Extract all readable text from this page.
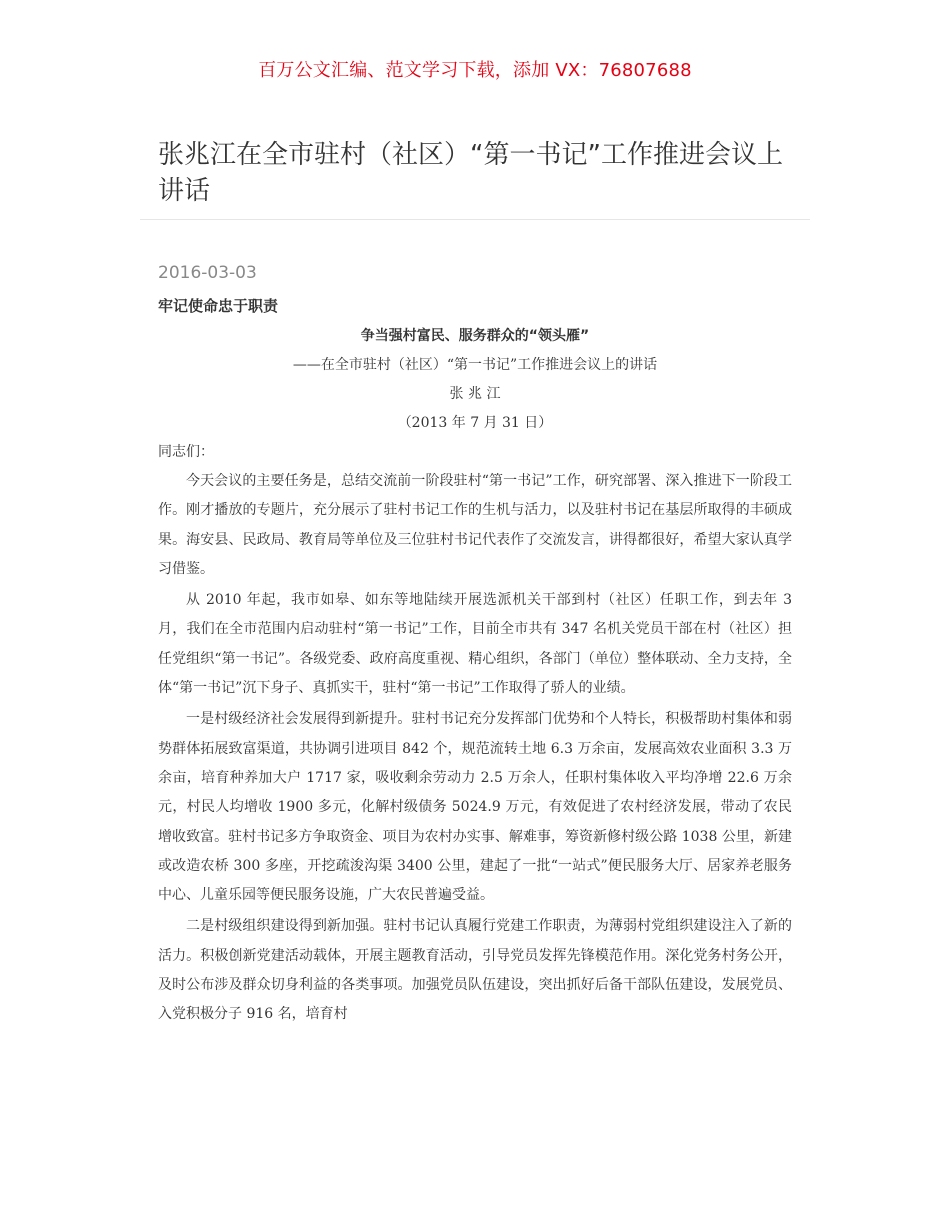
百万公文汇编、范文学习下载，添加 VX：76807688
张兆江在全市驻村（社区）“第一书记”工作推进会议上讲话
2016-03-03
牢记使命忠于职责
争当强村富民、服务群众的“领头雁”
——在全市驻村（社区）“第一书记”工作推进会议上的讲话
张 兆 江
（2013 年 7 月 31 日）
同志们：

今天会议的主要任务是，总结交流前一阶段驻村“第一书记”工作，研究部署、深入推进下一阶段工作。刚才播放的专题片，充分展示了驻村书记工作的生机与活力，以及驻村书记在基层所取得的丰硕成果。海安县、民政局、教育局等单位及三位驻村书记代表作了交流发言，讲得都很好，希望大家认真学习借鉴。

从 2010 年起，我市如皋、如东等地陆续开展选派机关干部到村（社区）任职工作，到去年 3 月，我们在全市范围内启动驻村“第一书记”工作，目前全市共有 347 名机关党员干部在村（社区）担任党组织“第一书记”。各级党委、政府高度重视、精心组织，各部门（单位）整体联动、全力支持，全体“第一书记”沉下身子、真抓实干，驻村“第一书记”工作取得了骄人的业绩。

一是村级经济社会发展得到新提升。驻村书记充分发挥部门优势和个人特长，积极帮助村集体和弱势群体拓展致富渠道，共协调引进项目 842 个，规范流转土地 6.3 万余亩，发展高效农业面积 3.3 万余亩，培育种养加大户 1717 家，吸收剩余劳动力 2.5 万余人，任职村集体收入平均净增 22.6 万余元，村民人均增收 1900 多元，化解村级债务 5024.9 万元，有效促进了农村经济发展，带动了农民增收致富。驻村书记多方争取资金、项目为农村办实事、解难事，筹资新修村级公路 1038 公里，新建或改造农桥 300 多座，开挖疏浚沟渠 3400 公里，建起了一批“一站式”便民服务大厅、居家养老服务中心、儿童乐园等便民服务设施，广大农民普遍受益。

二是村级组织建设得到新加强。驻村书记认真履行党建工作职责，为薄弱村党组织建设注入了新的活力。积极创新党建活动载体，开展主题教育活动，引导党员发挥先锋模范作用。深化党务村务公开，及时公布涉及群众切身利益的各类事项。加强党员队伍建设，突出抓好后备干部队伍建设，发展党员、入党积极分子 916 名，培育村
